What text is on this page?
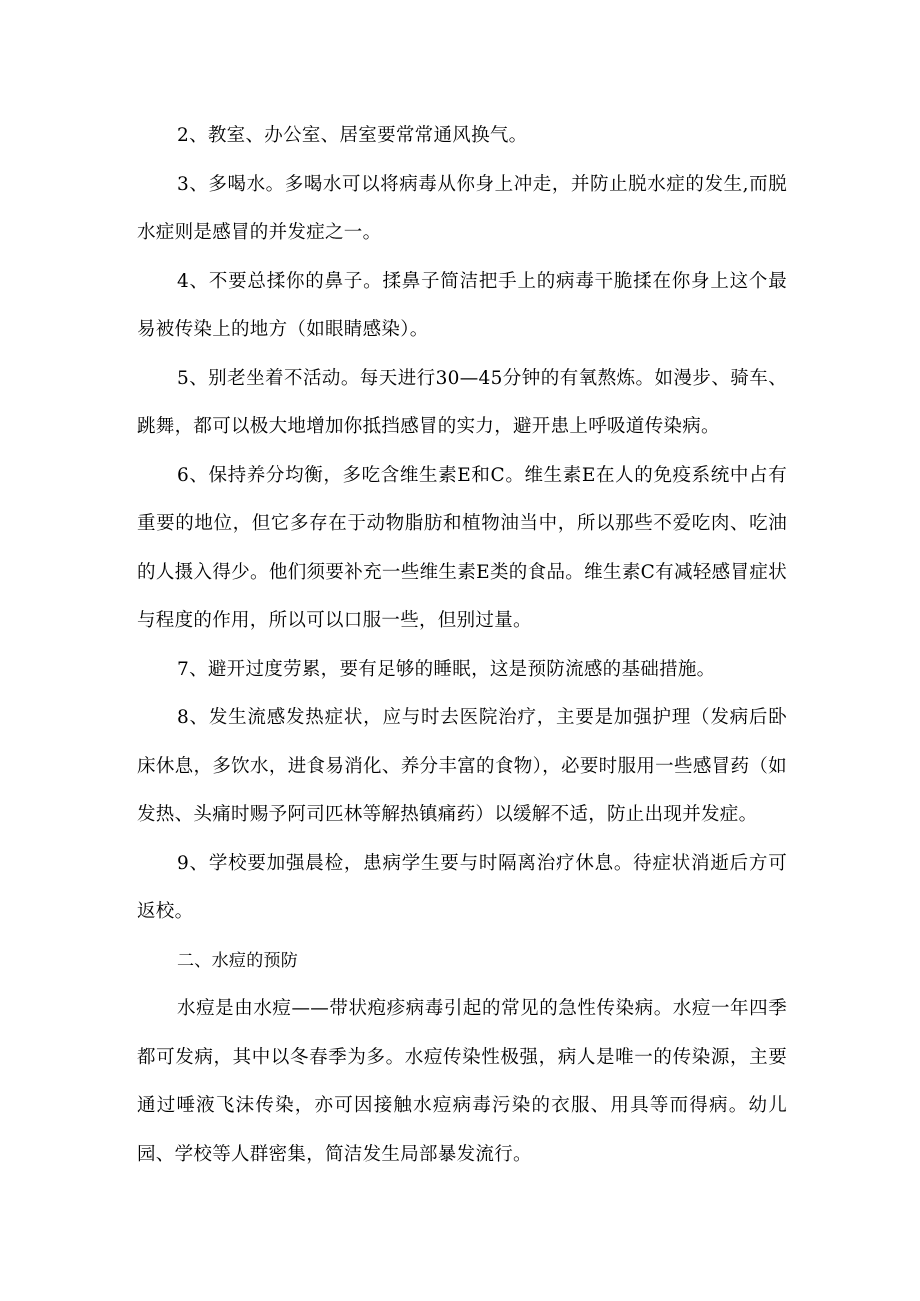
2、教室、办公室、居室要常常通风换气。

3、多喝水。多喝水可以将病毒从你身上冲走，并防止脱水症的发生,而脱水症则是感冒的并发症之一。

4、不要总揉你的鼻子。揉鼻子简洁把手上的病毒干脆揉在你身上这个最易被传染上的地方（如眼睛感染）。

5、别老坐着不活动。每天进行30—45分钟的有氧熬炼。如漫步、骑车、跳舞，都可以极大地增加你抵挡感冒的实力，避开患上呼吸道传染病。

6、保持养分均衡，多吃含维生素E和C。维生素E在人的免疫系统中占有重要的地位，但它多存在于动物脂肪和植物油当中，所以那些不爱吃肉、吃油的人摄入得少。他们须要补充一些维生素E类的食品。维生素C有减轻感冒症状与程度的作用，所以可以口服一些，但别过量。

7、避开过度劳累，要有足够的睡眠，这是预防流感的基础措施。

8、发生流感发热症状，应与时去医院治疗，主要是加强护理（发病后卧床休息，多饮水，进食易消化、养分丰富的食物），必要时服用一些感冒药（如发热、头痛时赐予阿司匹林等解热镇痛药）以缓解不适，防止出现并发症。

9、学校要加强晨检，患病学生要与时隔离治疗休息。待症状消逝后方可返校。

二、水痘的预防

水痘是由水痘——带状疱疹病毒引起的常见的急性传染病。水痘一年四季都可发病，其中以冬春季为多。水痘传染性极强，病人是唯一的传染源，主要通过唾液飞沫传染，亦可因接触水痘病毒污染的衣服、用具等而得病。幼儿园、学校等人群密集，简洁发生局部暴发流行。
